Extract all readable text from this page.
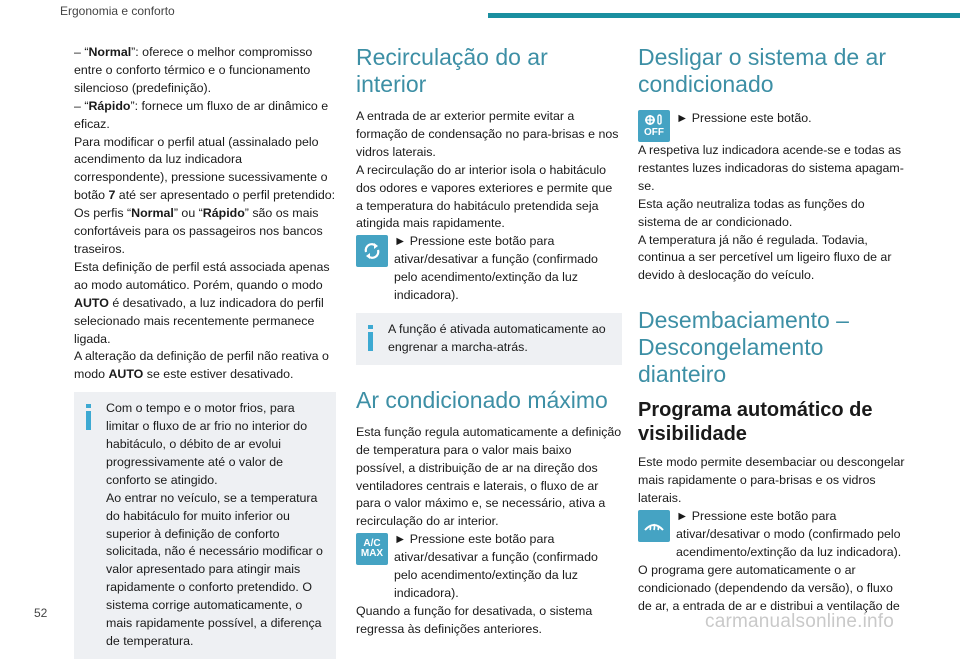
Ergonomia e conforto

– “Normal”: oferece o melhor compromisso entre o conforto térmico e o funcionamento silencioso (predefinição).

– “Rápido”: fornece um fluxo de ar dinâmico e eficaz.

Para modificar o perfil atual (assinalado pelo acendimento da luz indicadora correspondente), pressione sucessivamente o botão 7 até ser apresentado o perfil pretendido:

Os perfis “Normal” ou “Rápido” são os mais confortáveis para os passageiros nos bancos traseiros.

Esta definição de perfil está associada apenas ao modo automático. Porém, quando o modo AUTO é desativado, a luz indicadora do perfil selecionado mais recentemente permanece ligada.

A alteração da definição de perfil não reativa o modo AUTO se este estiver desativado.

Com o tempo e o motor frios, para limitar o fluxo de ar frio no interior do habitáculo, o débito de ar evolui progressivamente até o valor de conforto se atingido.

Ao entrar no veículo, se a temperatura do habitáculo for muito inferior ou superior à definição de conforto solicitada, não é necessário modificar o valor apresentado para atingir mais rapidamente o conforto pretendido. O sistema corrige automaticamente, o mais rapidamente possível, a diferença de temperatura.

Recirculação do ar interior

A entrada de ar exterior permite evitar a formação de condensação no para-brisas e nos vidros laterais.

A recirculação do ar interior isola o habitáculo dos odores e vapores exteriores e permite que a temperatura do habitáculo pretendida seja atingida mais rapidamente.

► Pressione este botão para ativar/desativar a função (confirmado pelo acendimento/extinção da luz indicadora).

A função é ativada automaticamente ao engrenar a marcha-atrás.

Ar condicionado máximo

Esta função regula automaticamente a definição de temperatura para o valor mais baixo possível, a distribuição de ar na direção dos ventiladores centrais e laterais, o fluxo de ar para o valor máximo e, se necessário, ativa a recirculação do ar interior.

A/C
MAX

► Pressione este botão para ativar/desativar a função (confirmado pelo acendimento/extinção da luz indicadora).

Quando a função for desativada, o sistema regressa às definições anteriores.

Desligar o sistema de ar condicionado
OFF

► Pressione este botão.

A respetiva luz indicadora acende-se e todas as restantes luzes indicadoras do sistema apagam-se.

Esta ação neutraliza todas as funções do sistema de ar condicionado.

A temperatura já não é regulada. Todavia, continua a ser percetível um ligeiro fluxo de ar devido à deslocação do veículo.

Desembaciamento – Descongelamento dianteiro
Programa automático de visibilidade

Este modo permite desembaciar ou descongelar mais rapidamente o para-brisas e os vidros laterais.

► Pressione este botão para ativar/desativar o modo (confirmado pelo acendimento/extinção da luz indicadora).

O programa gere automaticamente o ar condicionado (dependendo da versão), o fluxo de ar, a entrada de ar e distribui a ventilação de

52	carmanualsonline.info
